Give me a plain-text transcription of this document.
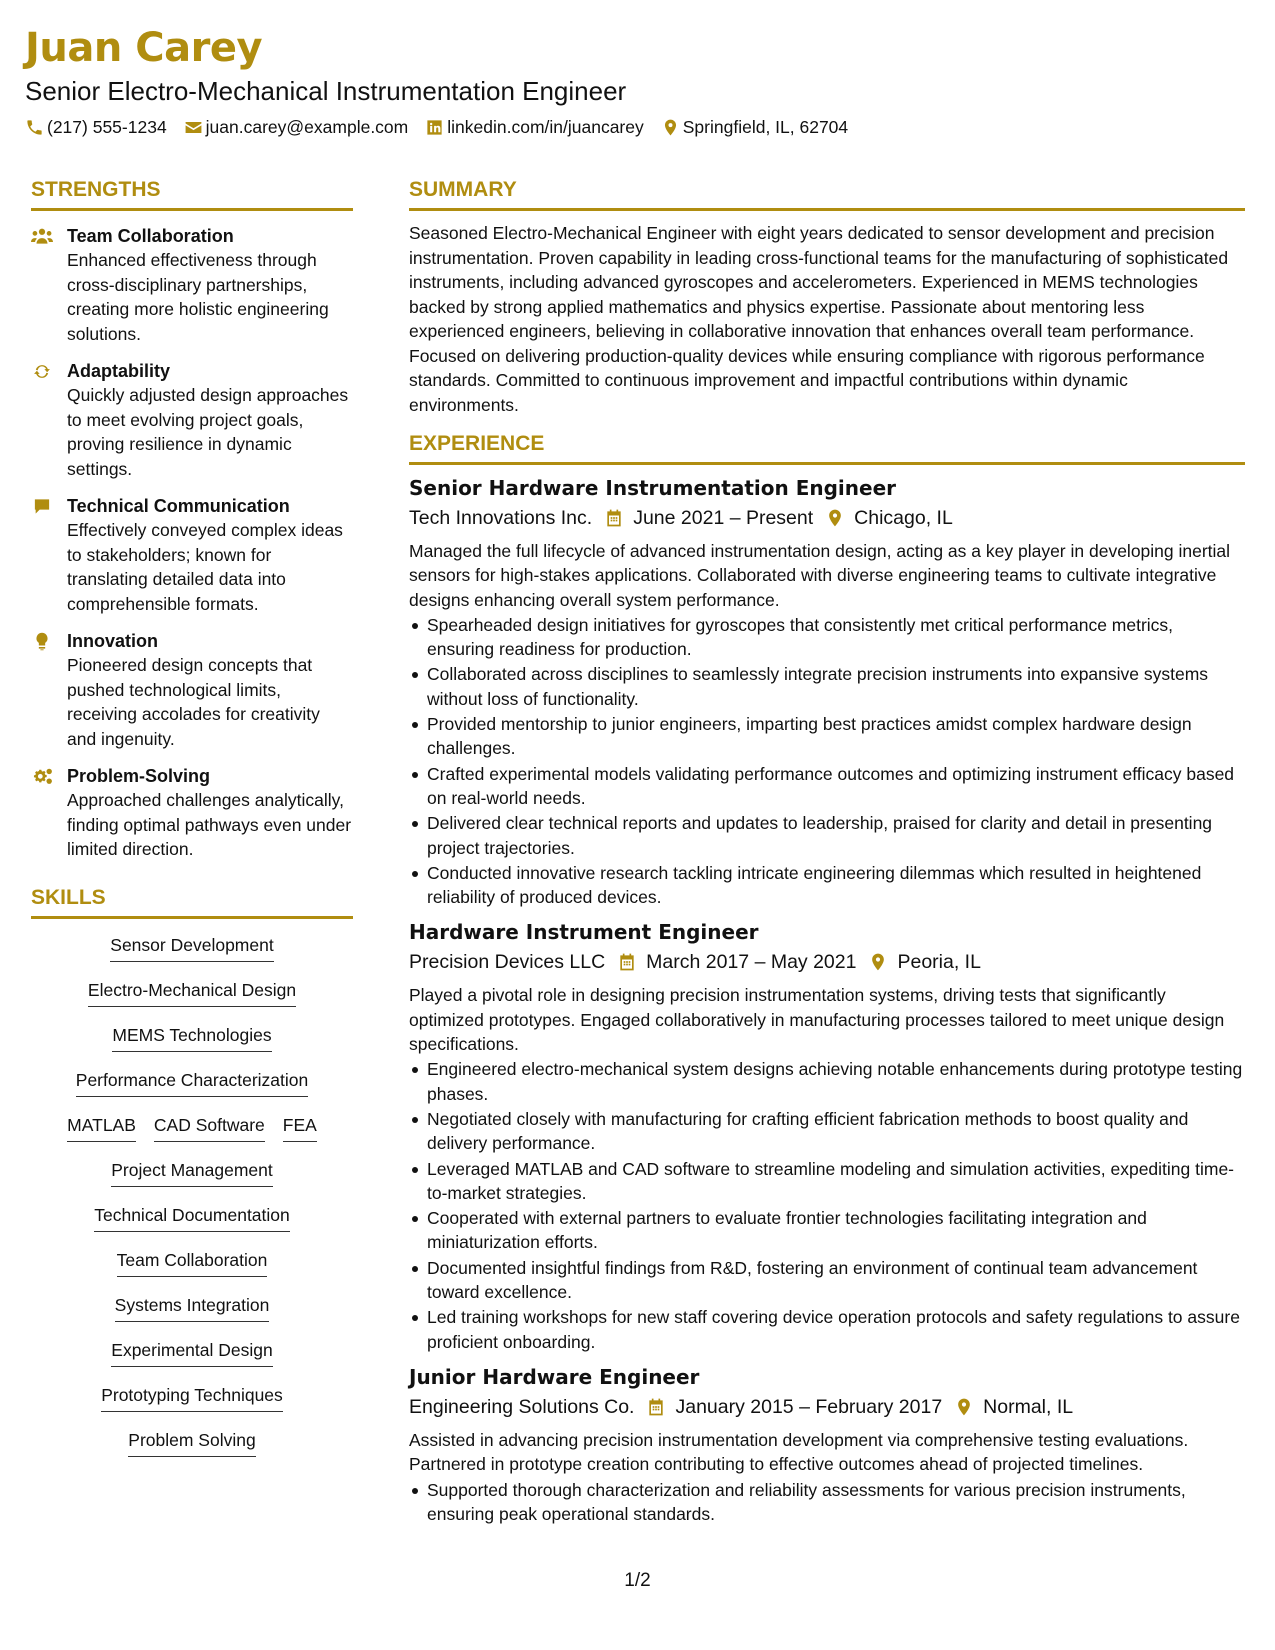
Juan Carey
Senior Electro-Mechanical Instrumentation Engineer
(217) 555-1234 juan.carey@example.com linkedin.com/in/juancarey Springfield, IL, 62704
STRENGTHS
Team Collaboration
Enhanced effectiveness through cross-disciplinary partnerships, creating more holistic engineering solutions.
Adaptability
Quickly adjusted design approaches to meet evolving project goals, proving resilience in dynamic settings.
Technical Communication
Effectively conveyed complex ideas to stakeholders; known for translating detailed data into comprehensible formats.
Innovation
Pioneered design concepts that pushed technological limits, receiving accolades for creativity and ingenuity.
Problem-Solving
Approached challenges analytically, finding optimal pathways even under limited direction.
SKILLS
Sensor Development
Electro-Mechanical Design
MEMS Technologies
Performance Characterization
MATLAB CAD Software FEA
Project Management
Technical Documentation
Team Collaboration
Systems Integration
Experimental Design
Prototyping Techniques
Problem Solving
SUMMARY
Seasoned Electro-Mechanical Engineer with eight years dedicated to sensor development and precision instrumentation. Proven capability in leading cross-functional teams for the manufacturing of sophisticated instruments, including advanced gyroscopes and accelerometers. Experienced in MEMS technologies backed by strong applied mathematics and physics expertise. Passionate about mentoring less experienced engineers, believing in collaborative innovation that enhances overall team performance. Focused on delivering production-quality devices while ensuring compliance with rigorous performance standards. Committed to continuous improvement and impactful contributions within dynamic environments.
EXPERIENCE
Senior Hardware Instrumentation Engineer
Tech Innovations Inc. June 2021 – Present Chicago, IL
Managed the full lifecycle of advanced instrumentation design, acting as a key player in developing inertial sensors for high-stakes applications. Collaborated with diverse engineering teams to cultivate integrative designs enhancing overall system performance.
Spearheaded design initiatives for gyroscopes that consistently met critical performance metrics, ensuring readiness for production.
Collaborated across disciplines to seamlessly integrate precision instruments into expansive systems without loss of functionality.
Provided mentorship to junior engineers, imparting best practices amidst complex hardware design challenges.
Crafted experimental models validating performance outcomes and optimizing instrument efficacy based on real-world needs.
Delivered clear technical reports and updates to leadership, praised for clarity and detail in presenting project trajectories.
Conducted innovative research tackling intricate engineering dilemmas which resulted in heightened reliability of produced devices.
Hardware Instrument Engineer
Precision Devices LLC March 2017 – May 2021 Peoria, IL
Played a pivotal role in designing precision instrumentation systems, driving tests that significantly optimized prototypes. Engaged collaboratively in manufacturing processes tailored to meet unique design specifications.
Engineered electro-mechanical system designs achieving notable enhancements during prototype testing phases.
Negotiated closely with manufacturing for crafting efficient fabrication methods to boost quality and delivery performance.
Leveraged MATLAB and CAD software to streamline modeling and simulation activities, expediting time-to-market strategies.
Cooperated with external partners to evaluate frontier technologies facilitating integration and miniaturization efforts.
Documented insightful findings from R&D, fostering an environment of continual team advancement toward excellence.
Led training workshops for new staff covering device operation protocols and safety regulations to assure proficient onboarding.
Junior Hardware Engineer
Engineering Solutions Co. January 2015 – February 2017 Normal, IL
Assisted in advancing precision instrumentation development via comprehensive testing evaluations. Partnered in prototype creation contributing to effective outcomes ahead of projected timelines.
Supported thorough characterization and reliability assessments for various precision instruments, ensuring peak operational standards.
1/2
